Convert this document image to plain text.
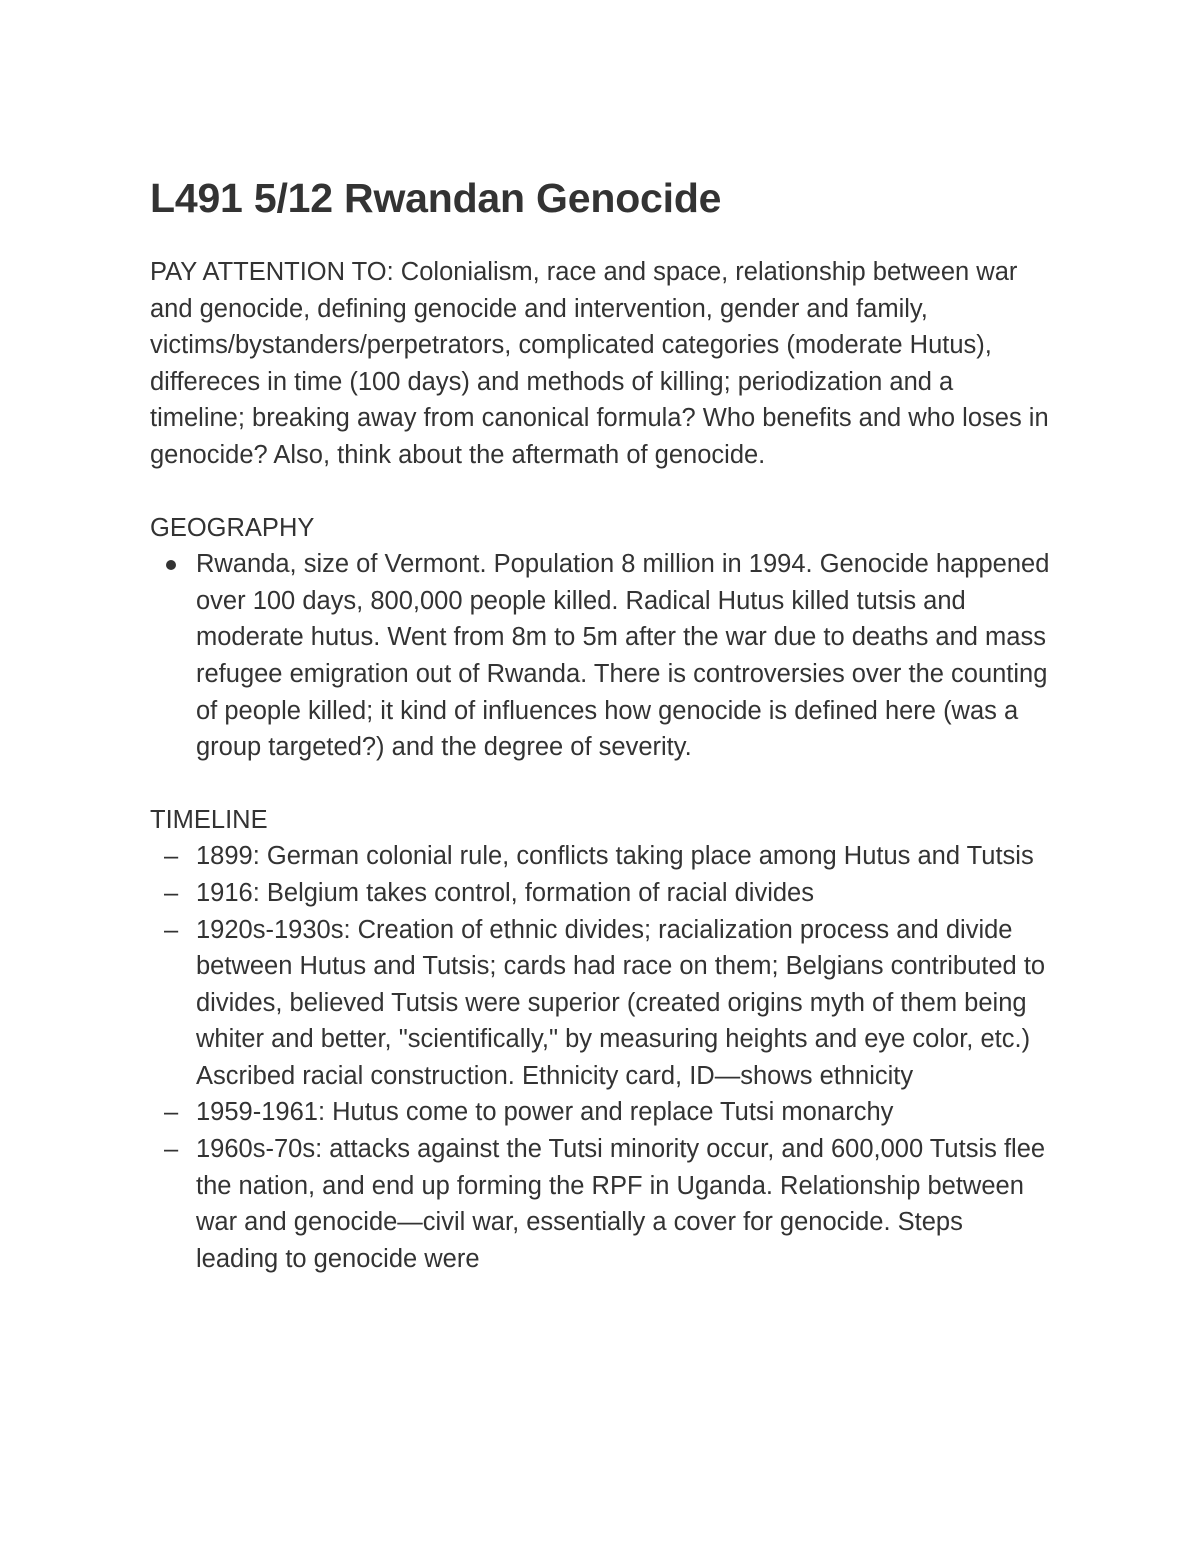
L491 5/12 Rwandan Genocide

PAY ATTENTION TO: Colonialism, race and space, relationship between war and genocide, defining genocide and intervention, gender and family, victims/bystanders/perpetrators, complicated categories (moderate Hutus), differeces in time (100 days) and methods of killing; periodization and a timeline; breaking away from canonical formula? Who benefits and who loses in genocide? Also, think about the aftermath of genocide.

GEOGRAPHY

Rwanda, size of Vermont. Population 8 million in 1994. Genocide happened over 100 days, 800,000 people killed. Radical Hutus killed tutsis and moderate hutus. Went from 8m to 5m after the war due to deaths and mass refugee emigration out of Rwanda. There is controversies over the counting of people killed; it kind of influences how genocide is defined here (was a group targeted?) and the degree of severity.

TIMELINE

– 1899: German colonial rule, conflicts taking place among Hutus and Tutsis
– 1916: Belgium takes control, formation of racial divides
– 1920s-1930s: Creation of ethnic divides; racialization process and divide between Hutus and Tutsis; cards had race on them; Belgians contributed to divides, believed Tutsis were superior (created origins myth of them being whiter and better, "scientifically," by measuring heights and eye color, etc.) Ascribed racial construction. Ethnicity card, ID—shows ethnicity
– 1959-1961: Hutus come to power and replace Tutsi monarchy
– 1960s-70s: attacks against the Tutsi minority occur, and 600,000 Tutsis flee the nation, and end up forming the RPF in Uganda. Relationship between war and genocide—civil war, essentially a cover for genocide. Steps leading to genocide were
